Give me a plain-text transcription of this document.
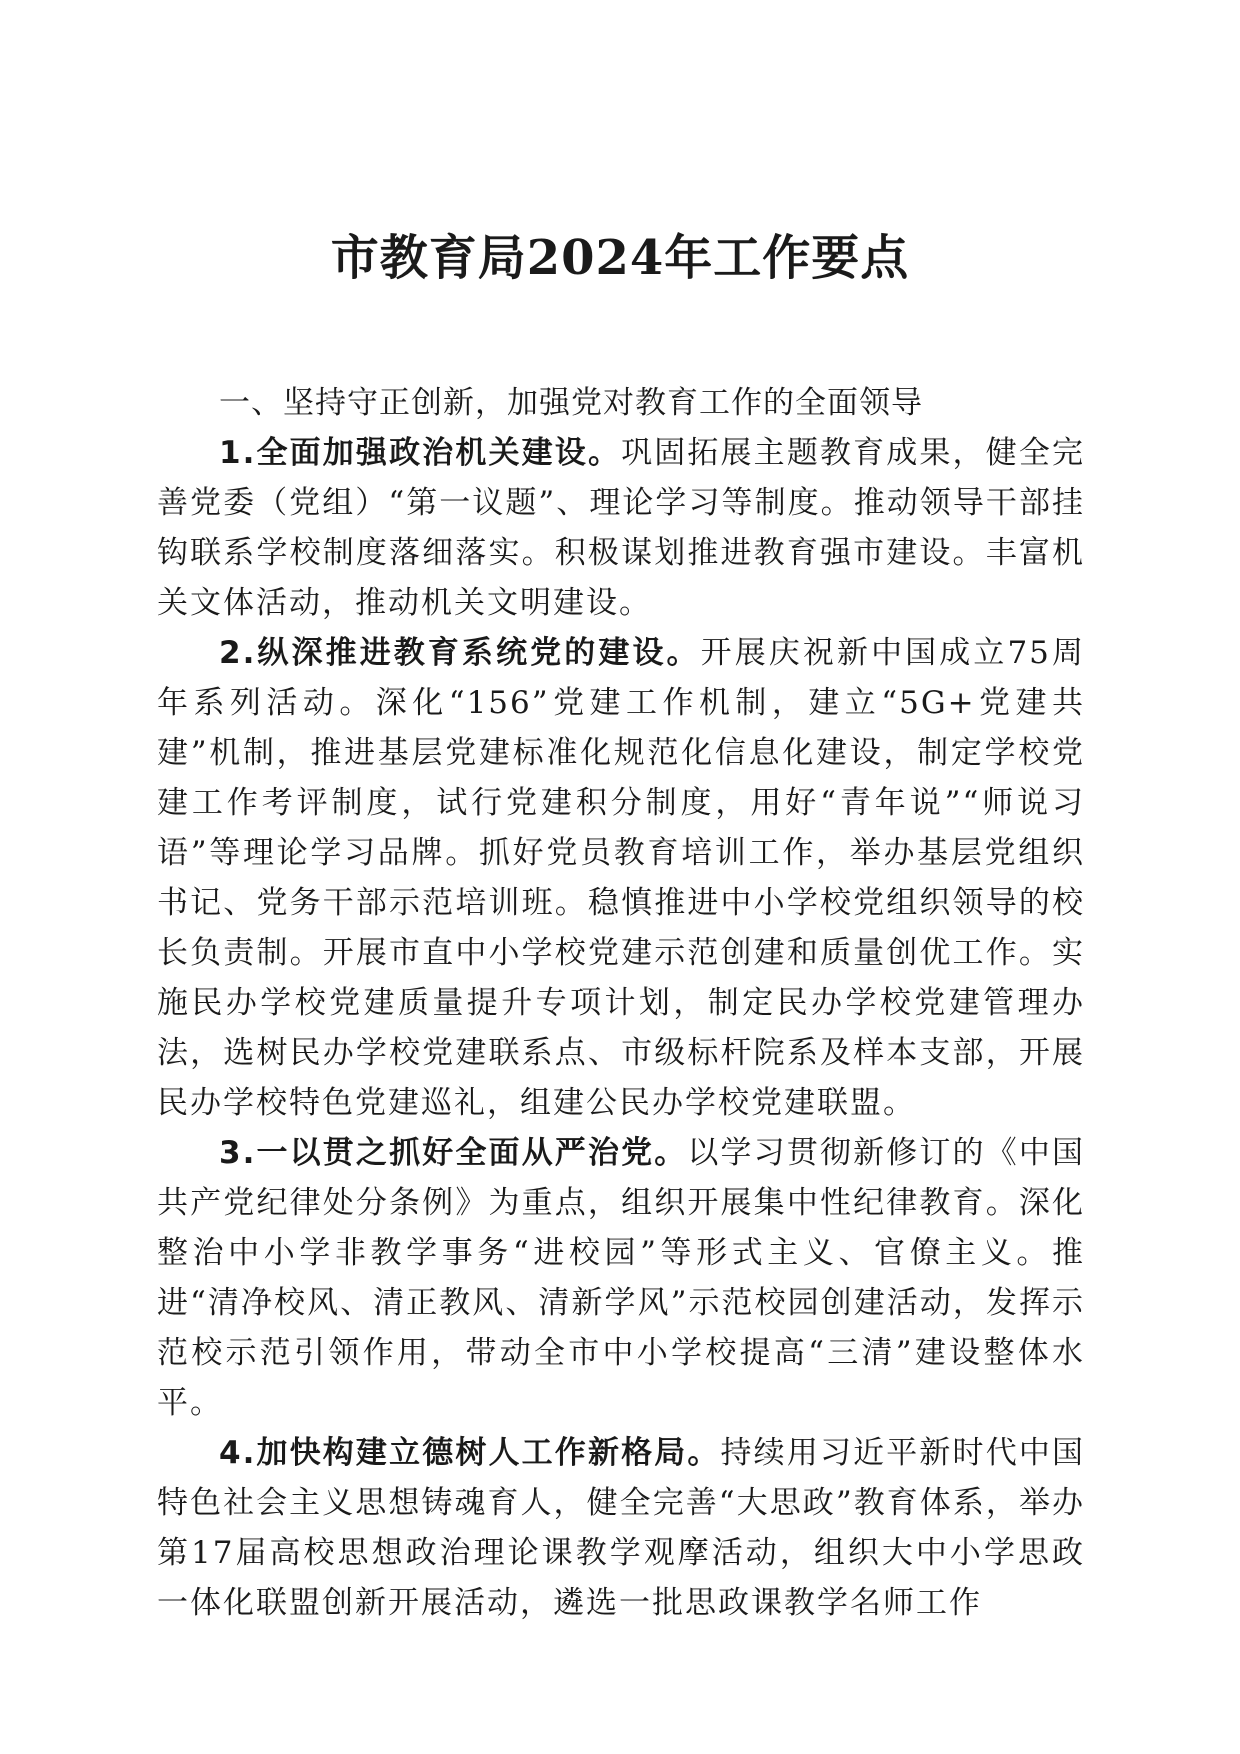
市教育局2024年工作要点

一、坚持守正创新，加强党对教育工作的全面领导

1.全面加强政治机关建设。巩固拓展主题教育成果，健全完善党委（党组）“第一议题”、理论学习等制度。推动领导干部挂钩联系学校制度落细落实。积极谋划推进教育强市建设。丰富机关文体活动，推动机关文明建设。

2.纵深推进教育系统党的建设。开展庆祝新中国成立75周年系列活动。深化“156”党建工作机制，建立“5G+党建共建”机制，推进基层党建标准化规范化信息化建设，制定学校党建工作考评制度，试行党建积分制度，用好“青年说”“师说习语”等理论学习品牌。抓好党员教育培训工作，举办基层党组织书记、党务干部示范培训班。稳慎推进中小学校党组织领导的校长负责制。开展市直中小学校党建示范创建和质量创优工作。实施民办学校党建质量提升专项计划，制定民办学校党建管理办法，选树民办学校党建联系点、市级标杆院系及样本支部，开展民办学校特色党建巡礼，组建公民办学校党建联盟。

3.一以贯之抓好全面从严治党。以学习贯彻新修订的《中国共产党纪律处分条例》为重点，组织开展集中性纪律教育。深化整治中小学非教学事务“进校园”等形式主义、官僚主义。推进“清净校风、清正教风、清新学风”示范校园创建活动，发挥示范校示范引领作用，带动全市中小学校提高“三清”建设整体水平。

4.加快构建立德树人工作新格局。持续用习近平新时代中国特色社会主义思想铸魂育人，健全完善“大思政”教育体系，举办第17届高校思想政治理论课教学观摩活动，组织大中小学思政一体化联盟创新开展活动，遴选一批思政课教学名师工作
